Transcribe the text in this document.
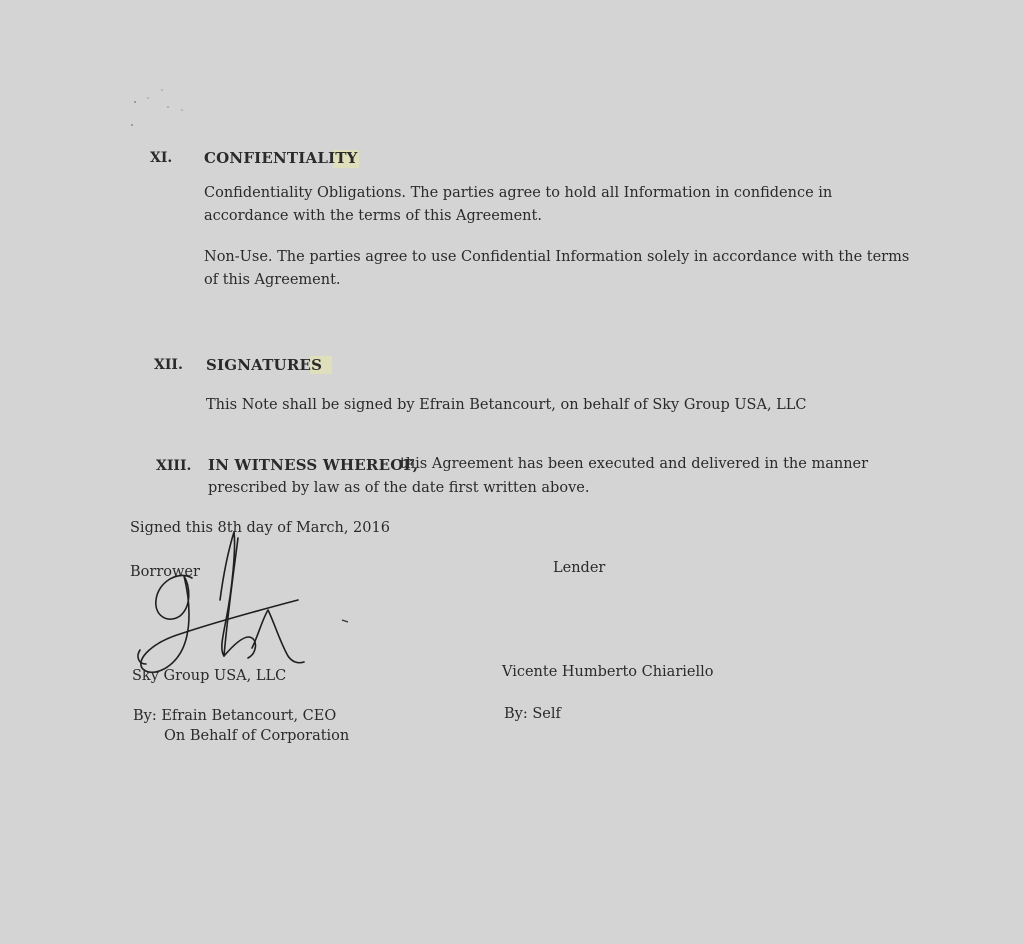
XI. CONFIENTIALITY

Confidentiality Obligations. The parties agree to hold all Information in confidence in accordance with the terms of this Agreement.

Non-Use. The parties agree to use Confidential Information solely in accordance with the terms of this Agreement.

XII. SIGNATURES

This Note shall be signed by Efrain Betancourt, on behalf of Sky Group USA, LLC

XIII. IN WITNESS WHEREOF,
this Agreement has been executed and delivered in the manner
prescribed by law as of the date first written above.
Signed this 8th day of March, 2016
Borrower	Lender
Sky Group USA, LLC	Vicente Humberto Chiariello
By: Efrain Betancourt, CEO
On Behalf of Corporation
By: Self
